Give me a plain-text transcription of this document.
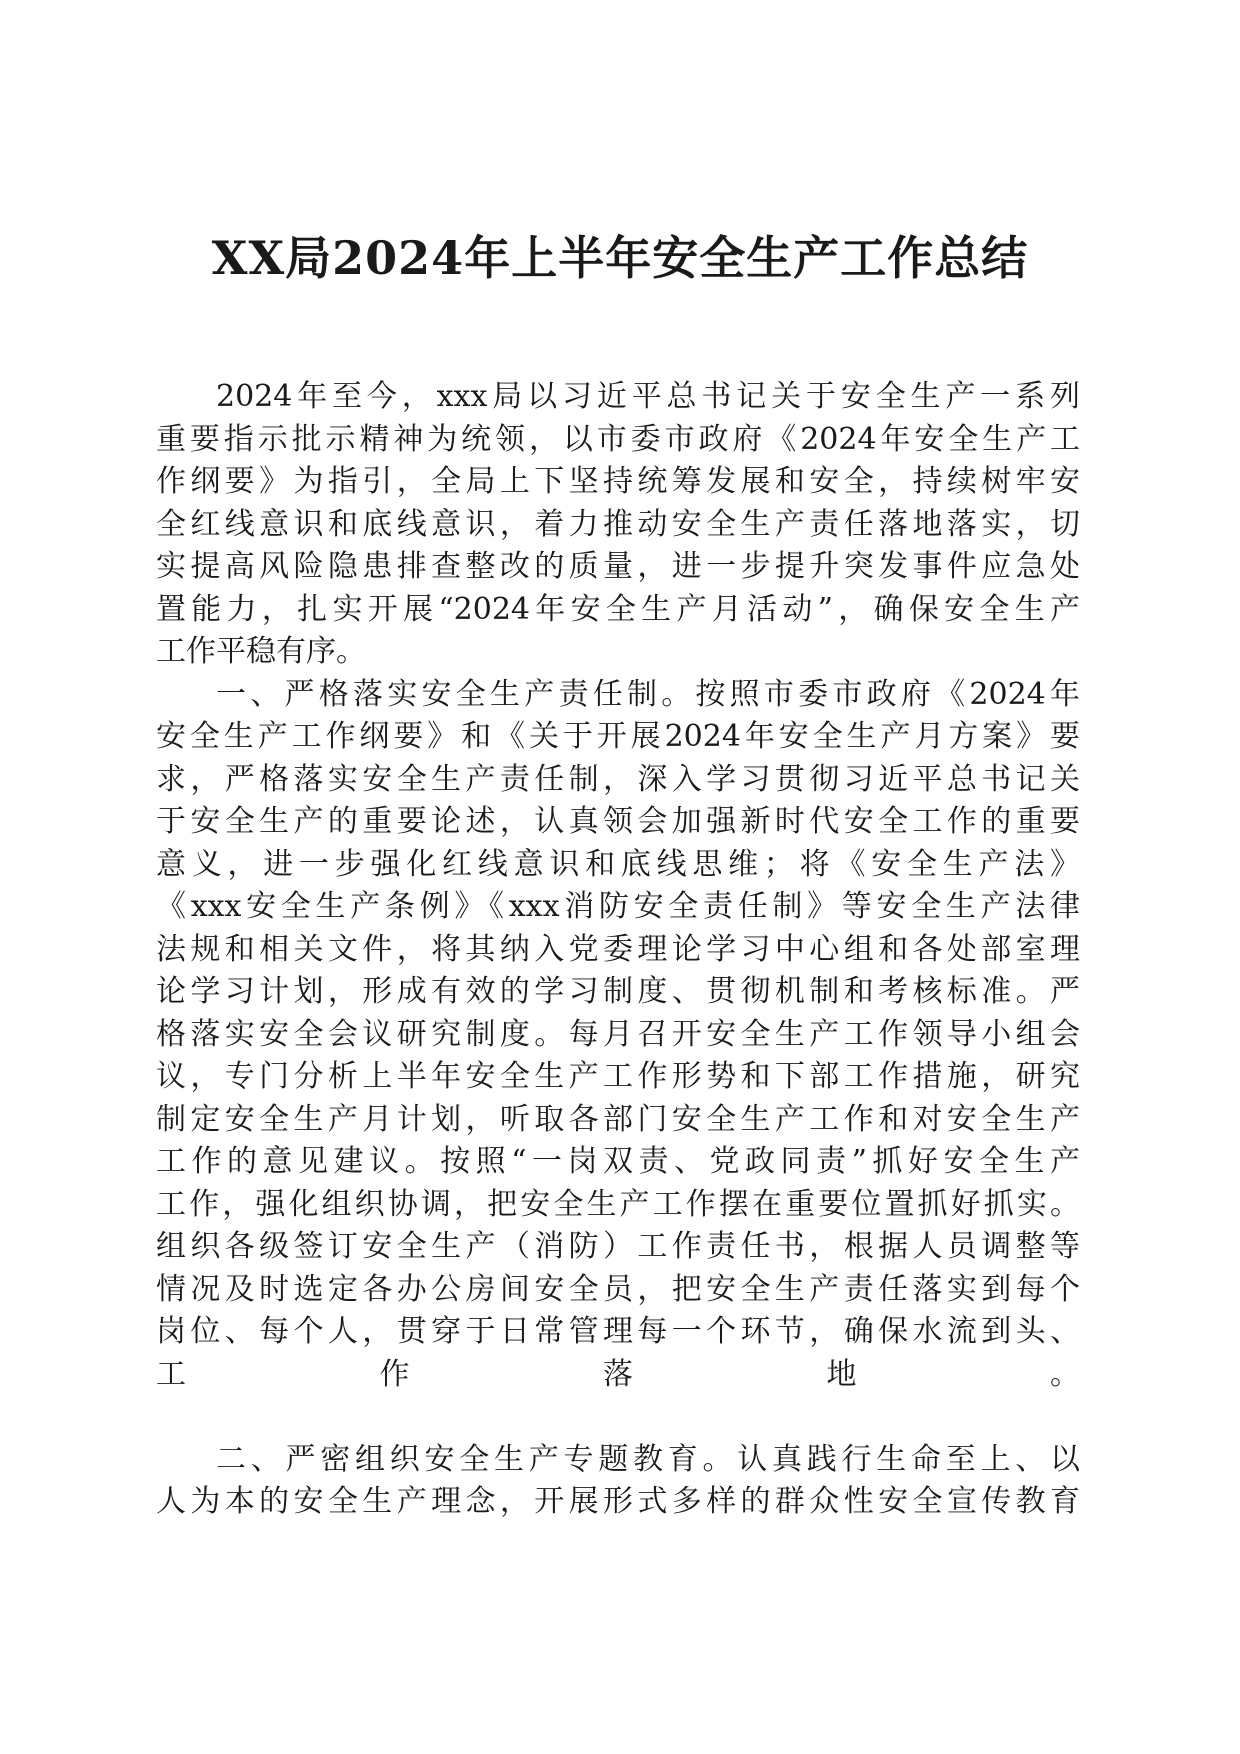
XX局2024年上半年安全生产工作总结

2024年至今，xxx局以习近平总书记关于安全生产一系列
重要指示批示精神为统领，以市委市政府《2024年安全生产工
作纲要》为指引，全局上下坚持统筹发展和安全，持续树牢安
全红线意识和底线意识，着力推动安全生产责任落地落实，切
实提高风险隐患排查整改的质量，进一步提升突发事件应急处
置能力，扎实开展“2024年安全生产月活动”，确保安全生产
工作平稳有序。

一、严格落实安全生产责任制。按照市委市政府《2024年
安全生产工作纲要》和《关于开展2024年安全生产月方案》要
求，严格落实安全生产责任制，深入学习贯彻习近平总书记关
于安全生产的重要论述，认真领会加强新时代安全工作的重要
意义，进一步强化红线意识和底线思维；将《安全生产法》
《xxx安全生产条例》《xxx消防安全责任制》等安全生产法律
法规和相关文件，将其纳入党委理论学习中心组和各处部室理
论学习计划，形成有效的学习制度、贯彻机制和考核标准。严
格落实安全会议研究制度。每月召开安全生产工作领导小组会
议，专门分析上半年安全生产工作形势和下部工作措施，研究
制定安全生产月计划，听取各部门安全生产工作和对安全生产
工作的意见建议。按照“一岗双责、党政同责”抓好安全生产
工作，强化组织协调，把安全生产工作摆在重要位置抓好抓实。
组织各级签订安全生产（消防）工作责任书，根据人员调整等
情况及时选定各办公房间安全员，把安全生产责任落实到每个
岗位、每个人，贯穿于日常管理每一个环节，确保水流到头、
工作落地。

二、严密组织安全生产专题教育。认真践行生命至上、以
人为本的安全生产理念，开展形式多样的群众性安全宣传教育
